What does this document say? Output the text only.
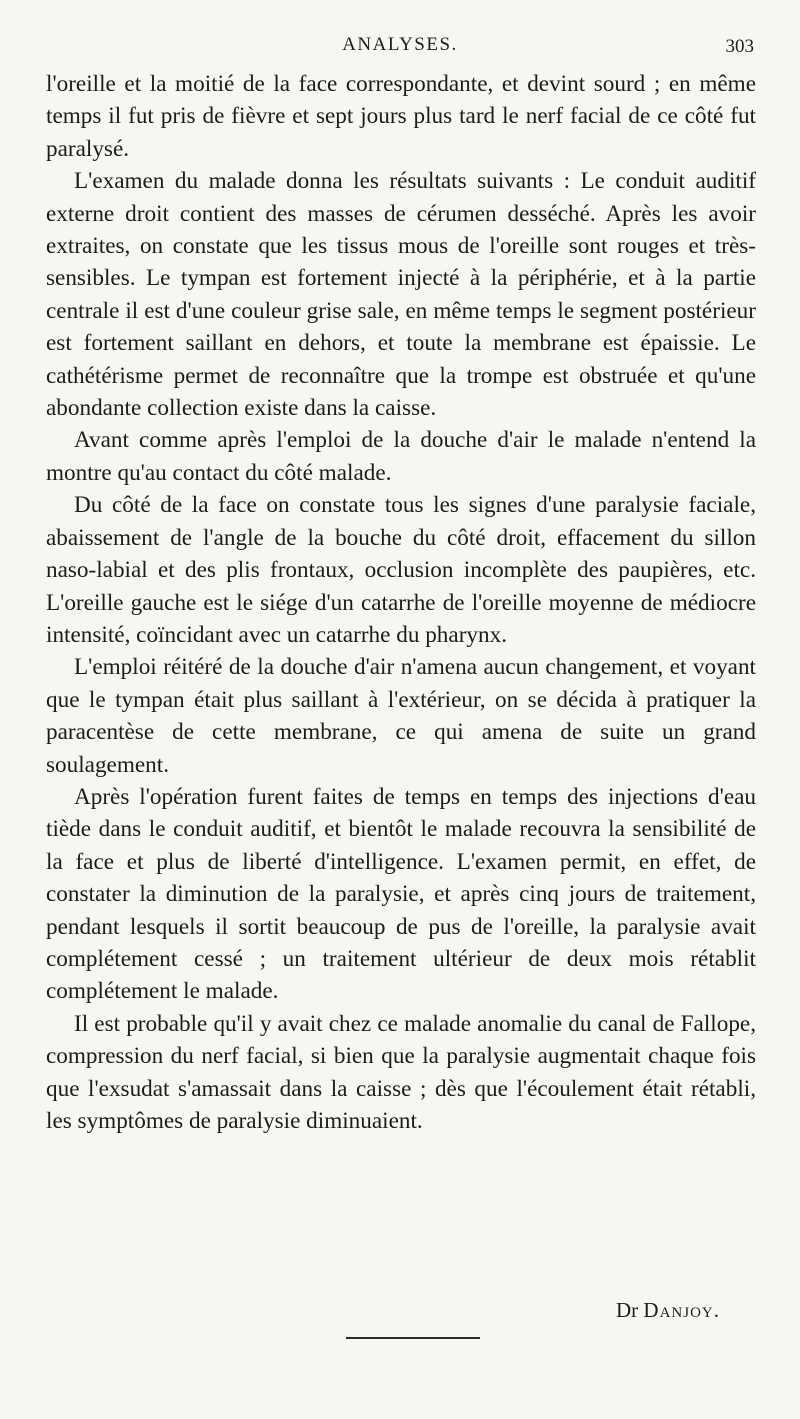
ANALYSES.	303

l'oreille et la moitié de la face correspondante, et devint sourd ; en même temps il fut pris de fièvre et sept jours plus tard le nerf facial de ce côté fut paralysé.

L'examen du malade donna les résultats suivants : Le conduit auditif externe droit contient des masses de cérumen desséché. Après les avoir extraites, on constate que les tissus mous de l'oreille sont rouges et très-sensibles. Le tympan est fortement injecté à la périphérie, et à la partie centrale il est d'une couleur grise sale, en même temps le segment postérieur est fortement saillant en dehors, et toute la membrane est épaissie. Le cathétérisme permet de reconnaître que la trompe est obstruée et qu'une abondante collection existe dans la caisse.

Avant comme après l'emploi de la douche d'air le malade n'entend la montre qu'au contact du côté malade.

Du côté de la face on constate tous les signes d'une paralysie faciale, abaissement de l'angle de la bouche du côté droit, effacement du sillon naso-labial et des plis frontaux, occlusion incomplète des paupières, etc. L'oreille gauche est le siége d'un catarrhe de l'oreille moyenne de médiocre intensité, coïncidant avec un catarrhe du pharynx.

L'emploi réitéré de la douche d'air n'amena aucun changement, et voyant que le tympan était plus saillant à l'extérieur, on se décida à pratiquer la paracentèse de cette membrane, ce qui amena de suite un grand soulagement.

Après l'opération furent faites de temps en temps des injections d'eau tiède dans le conduit auditif, et bientôt le malade recouvra la sensibilité de la face et plus de liberté d'intelligence. L'examen permit, en effet, de constater la diminution de la paralysie, et après cinq jours de traitement, pendant lesquels il sortit beaucoup de pus de l'oreille, la paralysie avait complétement cessé ; un traitement ultérieur de deux mois rétablit complétement le malade.

Il est probable qu'il y avait chez ce malade anomalie du canal de Fallope, compression du nerf facial, si bien que la paralysie augmentait chaque fois que l'exsudat s'amassait dans la caisse ; dès que l'écoulement était rétabli, les symptômes de paralysie diminuaient.

Dr Danjoy.
